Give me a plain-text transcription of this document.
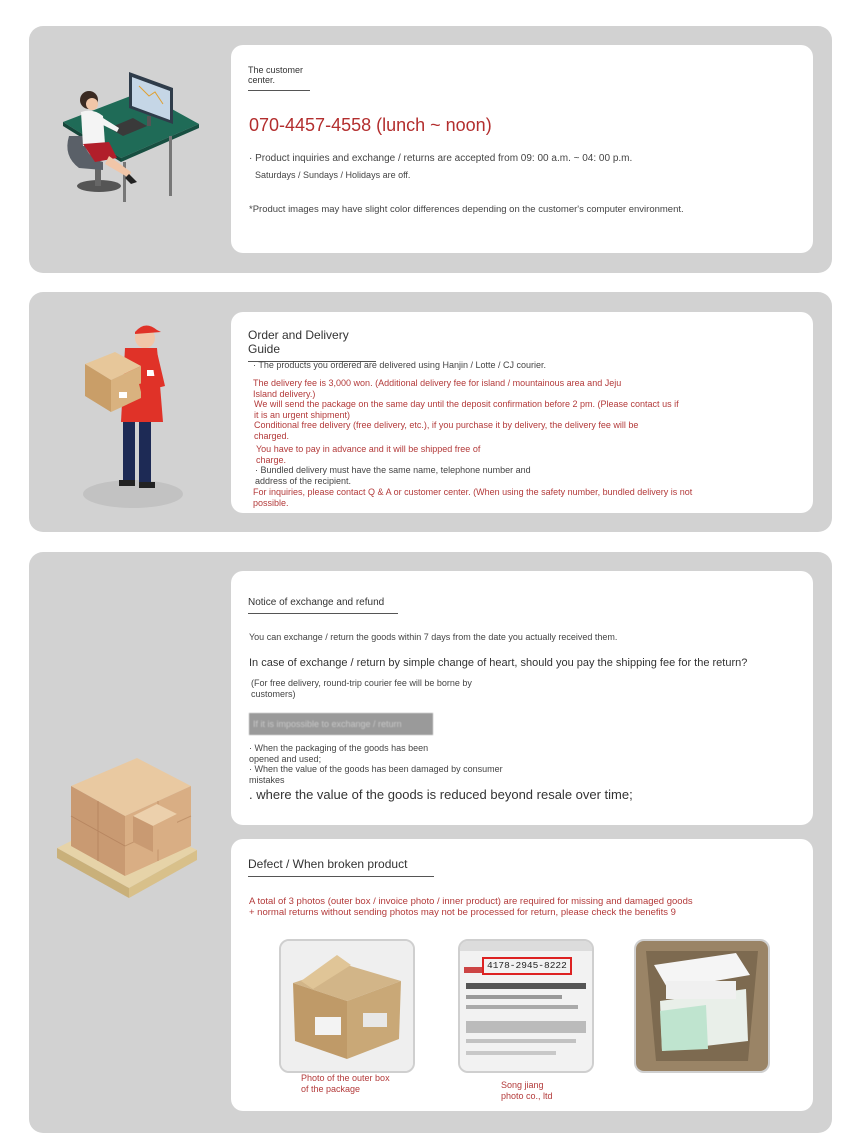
The customer center.
070-4457-4558 (lunch ~ noon)
· Product inquiries and exchange / returns are accepted from 09: 00 a.m. ~ 04: 00 p.m.
Saturdays / Sundays / Holidays are off.
*Product images may have slight color differences depending on the customer's computer environment.
Order and Delivery Guide
· The products you ordered are delivered using Hanjin / Lotte / CJ courier.
The delivery fee is 3,000 won. (Additional delivery fee for island / mountainous area and Jeju Island delivery.)
We will send the package on the same day until the deposit confirmation before 2 pm. (Please contact us if it is an urgent shipment)
Conditional free delivery (free delivery, etc.), if you purchase it by delivery, the delivery fee will be charged.
You have to pay in advance and it will be shipped free of charge.
· Bundled delivery must have the same name, telephone number and address of the recipient.
For inquiries, please contact Q & A or customer center. (When using the safety number, bundled delivery is not possible.
Notice of exchange and refund
You can exchange / return the goods within 7 days from the date you actually received them.
In case of exchange / return by simple change of heart, should you pay the shipping fee for the return?
(For free delivery, round-trip courier fee will be borne by customers)
If it is impossible to exchange / return
· When the packaging of the goods has been opened and used;
· When the value of the goods has been damaged by consumer mistakes
. where the value of the goods is reduced beyond resale over time;
Defect / When broken product
A total of 3 photos (outer box / invoice photo / inner product) are required for missing and damaged goods
+ normal returns without sending photos may not be processed for return, please check the benefits 9
Photo of the outer box of the package
4178-2945-8222
Song jiang photo co., ltd
